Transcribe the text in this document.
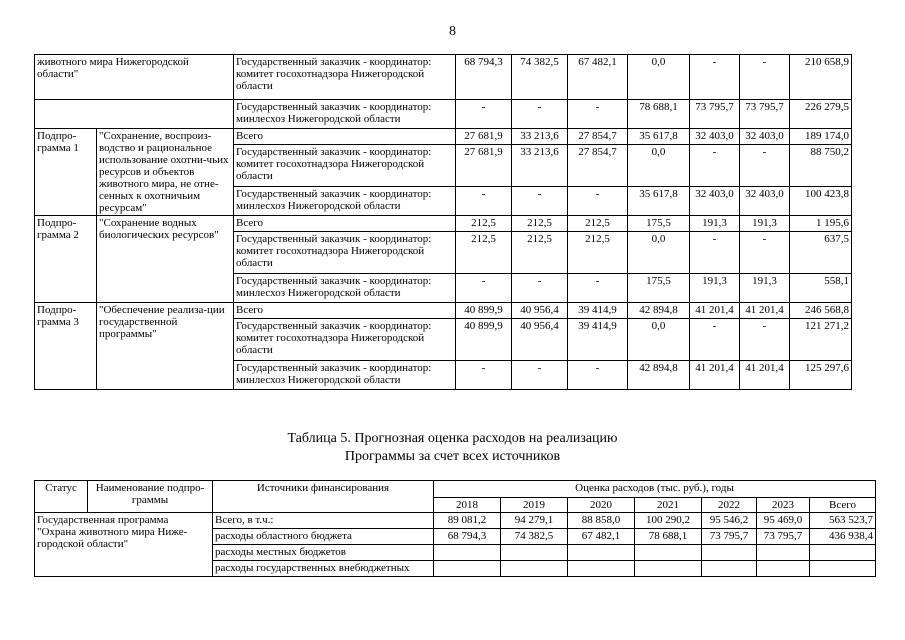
8
животного мира Нижегородской области"		Государственный заказчик - координатор: комитет госохотнадзора Нижегородской области	68 794,3	74 382,5	67 482,1	0,0	-	-	210 658,9
		Государственный заказчик - координатор: минлесхоз Нижегородской области	-	-	-	78 688,1	73 795,7	73 795,7	226 279,5
Подпро-грамма 1	"Сохранение, воспроиз-водство и рациональное использование охотни-чьих ресурсов и объектов животного мира, не отне-сенных к охотничьим ресурсам"	Всего	27 681,9	33 213,6	27 854,7	35 617,8	32 403,0	32 403,0	189 174,0
		Государственный заказчик - координатор: комитет госохотнадзора Нижегородской области	27 681,9	33 213,6	27 854,7	0,0	-	-	88 750,2
		Государственный заказчик - координатор: минлесхоз Нижегородской области	-	-	-	35 617,8	32 403,0	32 403,0	100 423,8
Подпро-грамма 2	"Сохранение водных биологических ресурсов"	Всего	212,5	212,5	212,5	175,5	191,3	191,3	1 195,6
		Государственный заказчик - координатор: комитет госохотнадзора Нижегородской области	212,5	212,5	212,5	0,0	-	-	637,5
		Государственный заказчик - координатор: минлесхоз Нижегородской области	-	-	-	175,5	191,3	191,3	558,1
Подпро-грамма 3	"Обеспечение реализа-ции государственной программы"	Всего	40 899,9	40 956,4	39 414,9	42 894,8	41 201,4	41 201,4	246 568,8
		Государственный заказчик - координатор: комитет госохотнадзора Нижегородской области	40 899,9	40 956,4	39 414,9	0,0	-	-	121 271,2
		Государственный заказчик - координатор: минлесхоз Нижегородской области	-	-	-	42 894,8	41 201,4	41 201,4	125 297,6
Таблица 5. Прогнозная оценка расходов на реализацию
Программы за счет всех источников
Статус	Наименование подпро-граммы	Источники финансирования	Оценка расходов (тыс. руб.), годы						
			2018	2019	2020	2021	2022	2023	Всего
Государственная программа "Охрана животного мира Ниже-городской области"		Всего, в т.ч.:	89 081,2	94 279,1	88 858,0	100 290,2	95 546,2	95 469,0	563 523,7
		расходы областного бюджета	68 794,3	74 382,5	67 482,1	78 688,1	73 795,7	73 795,7	436 938,4
		расходы местных бюджетов							
		расходы государственных внебюджетных							
